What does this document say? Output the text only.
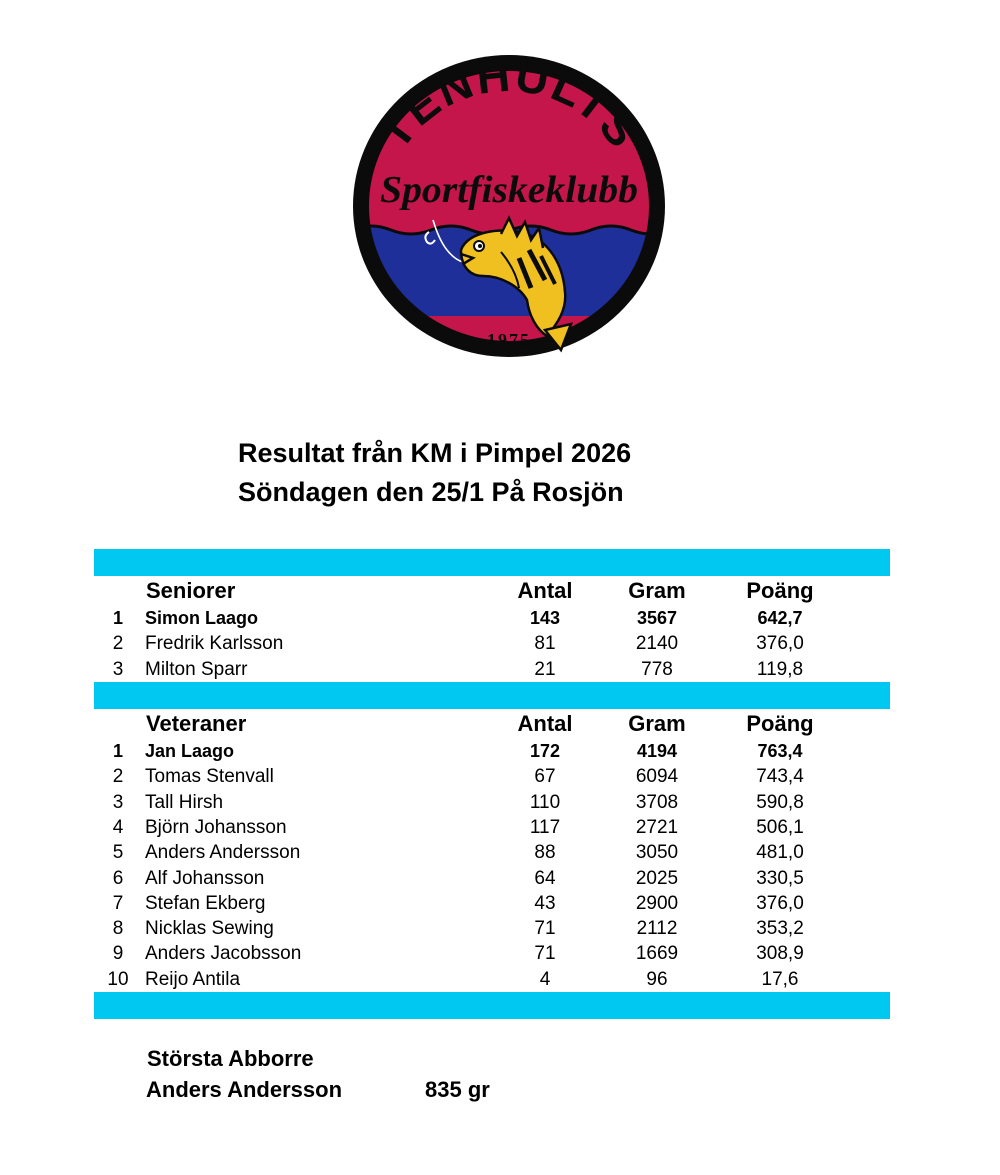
TENHULTS
Sportfiskeklubb
1975
Resultat från KM i Pimpel 2026
Söndagen den 25/1 På Rosjön
Seniorer	Antal	Gram	Poäng
1 Simon Laago	143	3567	642,7
2 Fredrik Karlsson	81	2140	376,0
3 Milton Sparr	21	778	119,8
Veteraner	Antal	Gram	Poäng
1 Jan Laago	172	4194	763,4
2 Tomas Stenvall	67	6094	743,4
3 Tall Hirsh	110	3708	590,8
4 Björn Johansson	117	2721	506,1
5 Anders Andersson	88	3050	481,0
6 Alf Johansson	64	2025	330,5
7 Stefan Ekberg	43	2900	376,0
8 Nicklas Sewing	71	2112	353,2
9 Anders Jacobsson	71	1669	308,9
10 Reijo Antila	4	96	17,6
Största Abborre
Anders Andersson	835 gr
